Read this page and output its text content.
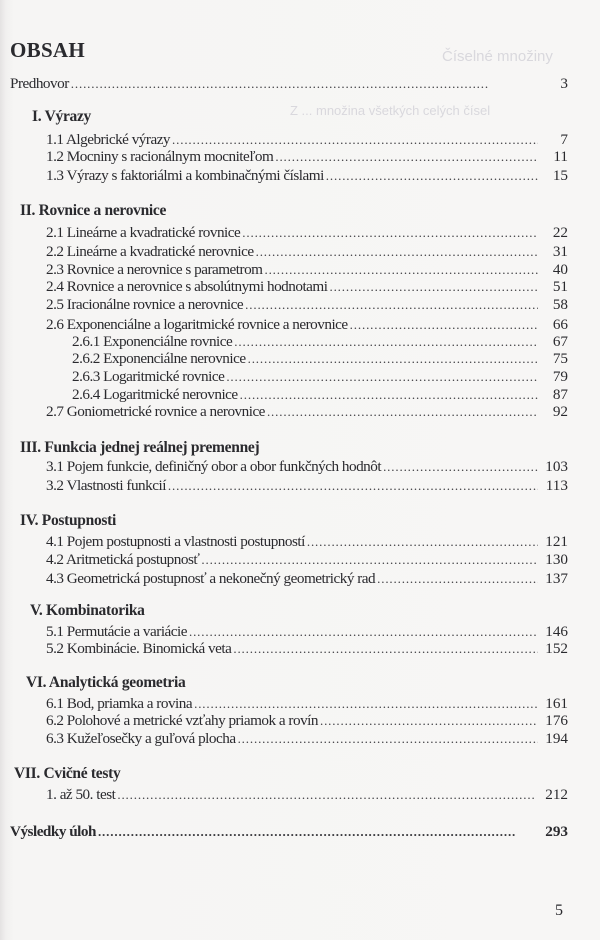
Číselné množiny
Z ... množina všetkých celých čísel
OBSAH
Predhovor . . .	3
I. Výrazy
1.1 Algebrické výrazy . . .	7
1.2 Mocniny s racionálnym mocniteľom . . .	11
1.3 Výrazy s faktoriálmi a kombinačnými číslami . . .	15
II. Rovnice a nerovnice
2.1 Lineárne a kvadratické rovnice . . .	22
2.2 Lineárne a kvadratické nerovnice . . .	31
2.3 Rovnice a nerovnice s parametrom . . .	40
2.4 Rovnice a nerovnice s absolútnymi hodnotami . . .	51
2.5 Iracionálne rovnice a nerovnice . . .	58
2.6 Exponenciálne a logaritmické rovnice a nerovnice . . .	66
2.6.1 Exponenciálne rovnice . . .	67
2.6.2 Exponenciálne nerovnice . . .	75
2.6.3 Logaritmické rovnice . . .	79
2.6.4 Logaritmické nerovnice . . .	87
2.7 Goniometrické rovnice a nerovnice . . .	92
III. Funkcia jednej reálnej premennej
3.1 Pojem funkcie, definičný obor a obor funkčných hodnôt . . .	103
3.2 Vlastnosti funkcií . . .	113
IV. Postupnosti
4.1 Pojem postupnosti a vlastnosti postupností . . .	121
4.2 Aritmetická postupnosť . . .	130
4.3 Geometrická postupnosť a nekonečný geometrický rad . . .	137
V. Kombinatorika
5.1 Permutácie a variácie . . .	146
5.2 Kombinácie. Binomická veta . . .	152
VI. Analytická geometria
6.1 Bod, priamka a rovina . . .	161
6.2 Polohové a metrické vzťahy priamok a rovín . . .	176
6.3 Kužeľosečky a guľová plocha . . .	194
VII. Cvičné testy
1. až 50. test . . .	212
Výsledky úloh . . .	293
5
